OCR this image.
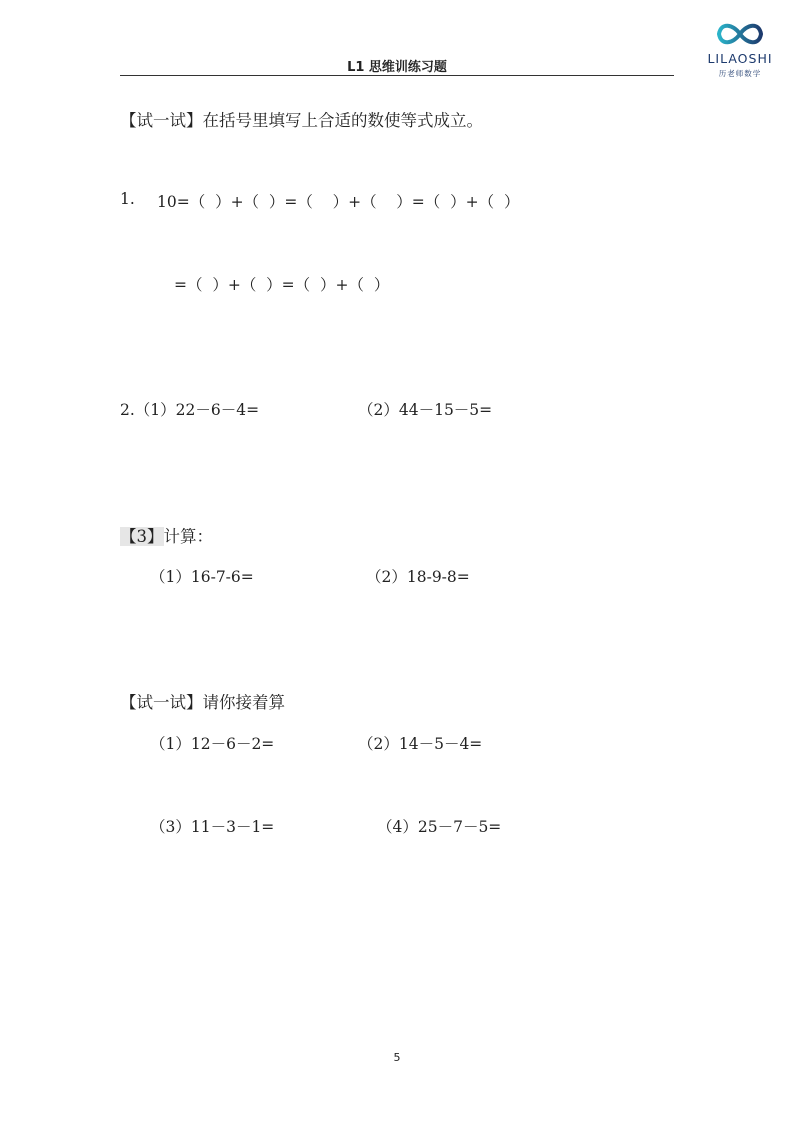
L1 思维训练习题
LILAOSHI
历老师数学
【试一试】在括号里填写上合适的数使等式成立。
1. 10=（  ）+（  ）=（    ）+（    ）=（  ）+（  ）
=（  ）+（  ）=（  ）+（  ）
2.（1）22－6－4=	（2）44－15－5=
【3】计算：
（1）16-7-6=	（2）18-9-8=
【试一试】请你接着算
（1）12－6－2=	（2）14－5－4=
（3）11－3－1=	（4）25－7－5=
5
